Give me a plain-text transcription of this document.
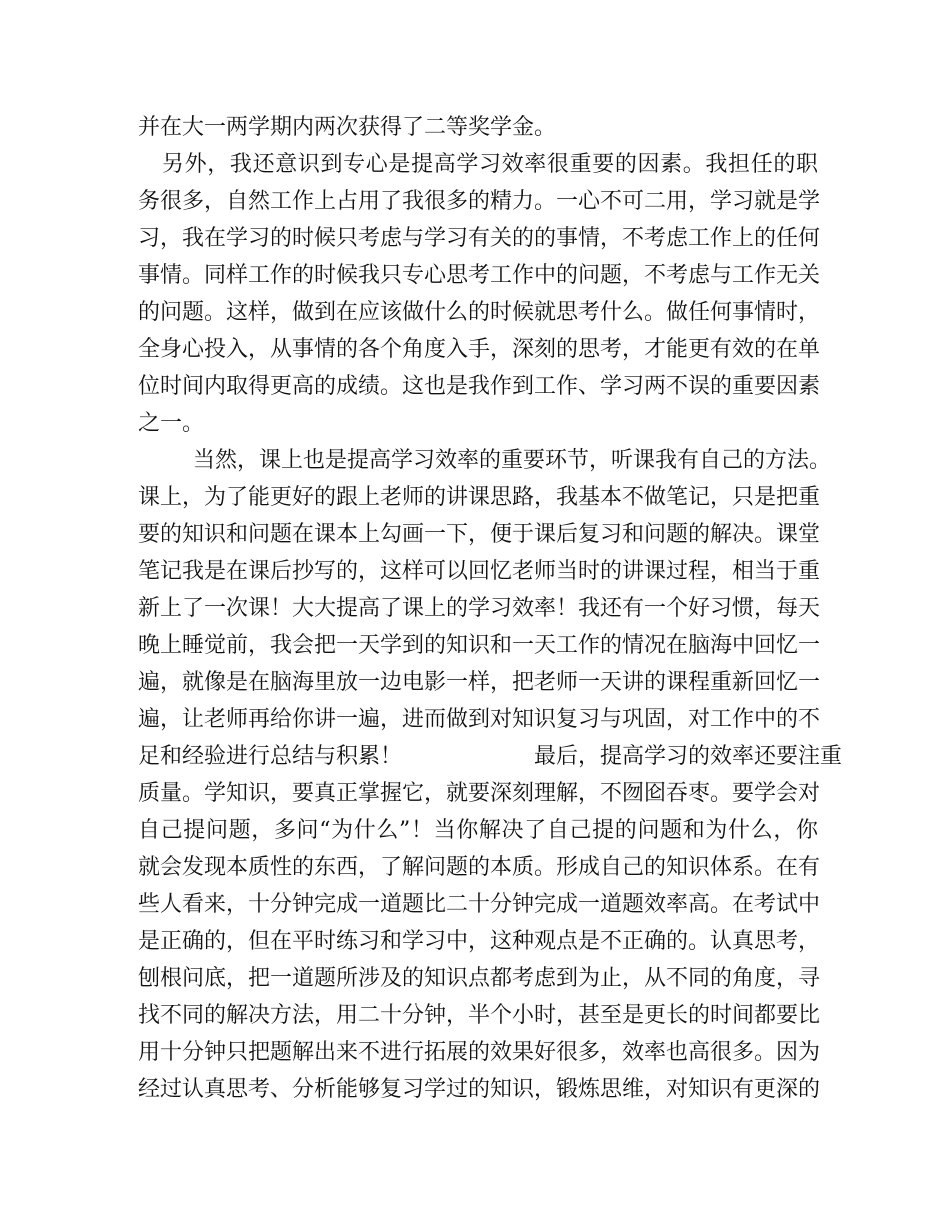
并在大一两学期内两次获得了二等奖学金。
另外，我还意识到专心是提高学习效率很重要的因素。我担任的职
务很多，自然工作上占用了我很多的精力。一心不可二用，学习就是学
习，我在学习的时候只考虑与学习有关的的事情，不考虑工作上的任何
事情。同样工作的时候我只专心思考工作中的问题，不考虑与工作无关
的问题。这样，做到在应该做什么的时候就思考什么。做任何事情时，
全身心投入，从事情的各个角度入手，深刻的思考，才能更有效的在单
位时间内取得更高的成绩。这也是我作到工作、学习两不误的重要因素
之一。
当然，课上也是提高学习效率的重要环节，听课我有自己的方法。
课上，为了能更好的跟上老师的讲课思路，我基本不做笔记，只是把重
要的知识和问题在课本上勾画一下，便于课后复习和问题的解决。课堂
笔记我是在课后抄写的，这样可以回忆老师当时的讲课过程，相当于重
新上了一次课！大大提高了课上的学习效率！我还有一个好习惯，每天
晚上睡觉前，我会把一天学到的知识和一天工作的情况在脑海中回忆一
遍，就像是在脑海里放一边电影一样，把老师一天讲的课程重新回忆一
遍，让老师再给你讲一遍，进而做到对知识复习与巩固，对工作中的不
足和经验进行总结与积累！　　　　　　最后，提高学习的效率还要注重
质量。学知识，要真正掌握它，就要深刻理解，不囫囵吞枣。要学会对
自己提问题，多问“为什么”！当你解决了自己提的问题和为什么，你
就会发现本质性的东西，了解问题的本质。形成自己的知识体系。在有
些人看来，十分钟完成一道题比二十分钟完成一道题效率高。在考试中
是正确的，但在平时练习和学习中，这种观点是不正确的。认真思考，
刨根问底，把一道题所涉及的知识点都考虑到为止，从不同的角度，寻
找不同的解决方法，用二十分钟，半个小时，甚至是更长的时间都要比
用十分钟只把题解出来不进行拓展的效果好很多，效率也高很多。因为
经过认真思考、分析能够复习学过的知识，锻炼思维，对知识有更深的
